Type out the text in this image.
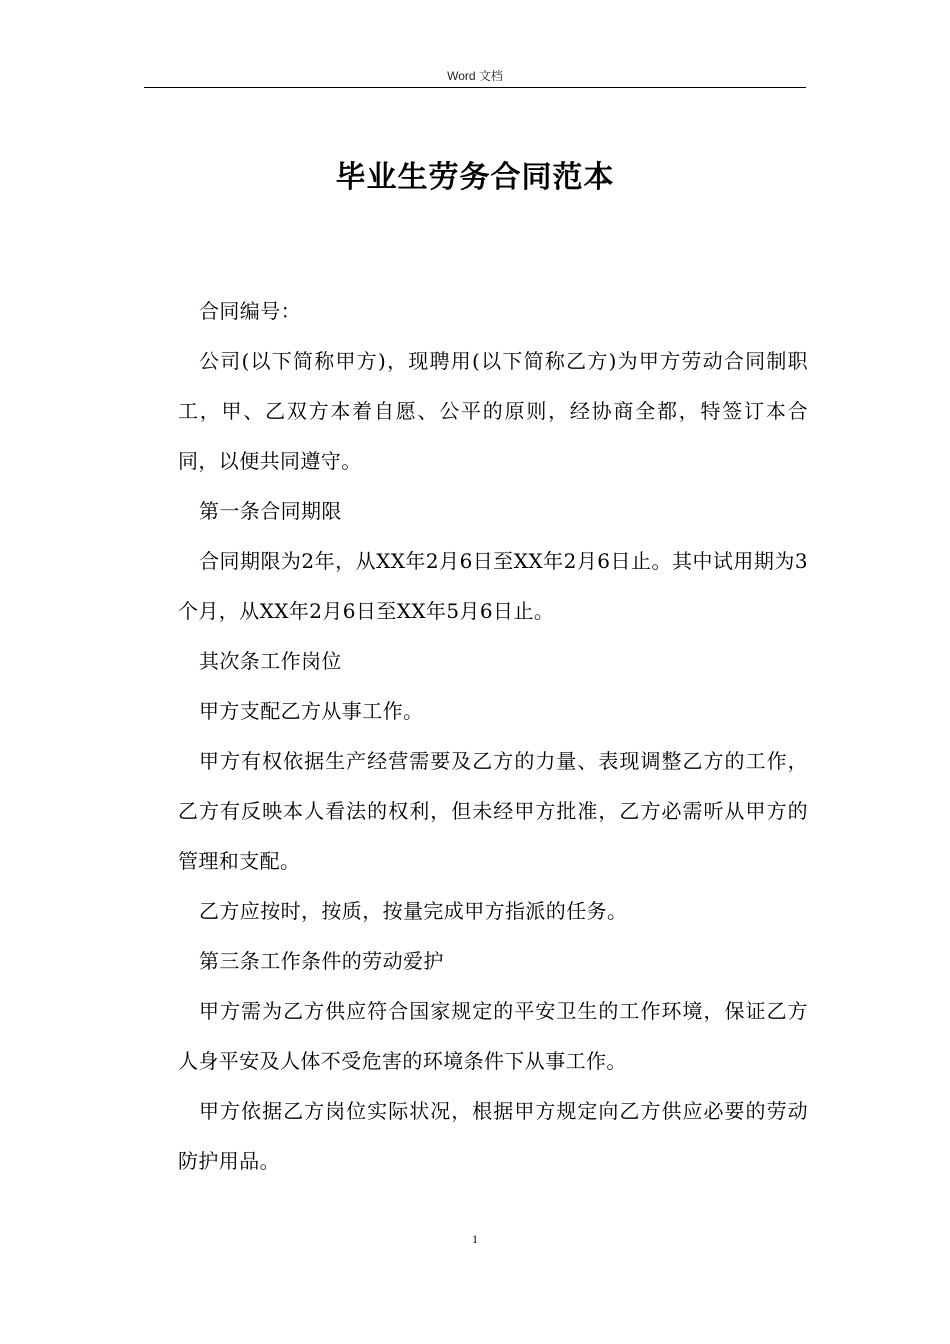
Word 文档
毕业生劳务合同范本

合同编号：

公司(以下简称甲方)，现聘用(以下简称乙方)为甲方劳动合同制职工，甲、乙双方本着自愿、公平的原则，经协商全都，特签订本合同，以便共同遵守。

第一条合同期限

合同期限为2年，从XX年2月6日至XX年2月6日止。其中试用期为3个月，从XX年2月6日至XX年5月6日止。

其次条工作岗位

甲方支配乙方从事工作。

甲方有权依据生产经营需要及乙方的力量、表现调整乙方的工作，乙方有反映本人看法的权利，但未经甲方批准，乙方必需听从甲方的管理和支配。

乙方应按时，按质，按量完成甲方指派的任务。

第三条工作条件的劳动爱护

甲方需为乙方供应符合国家规定的平安卫生的工作环境，保证乙方人身平安及人体不受危害的环境条件下从事工作。

甲方依据乙方岗位实际状况，根据甲方规定向乙方供应必要的劳动防护用品。

1
